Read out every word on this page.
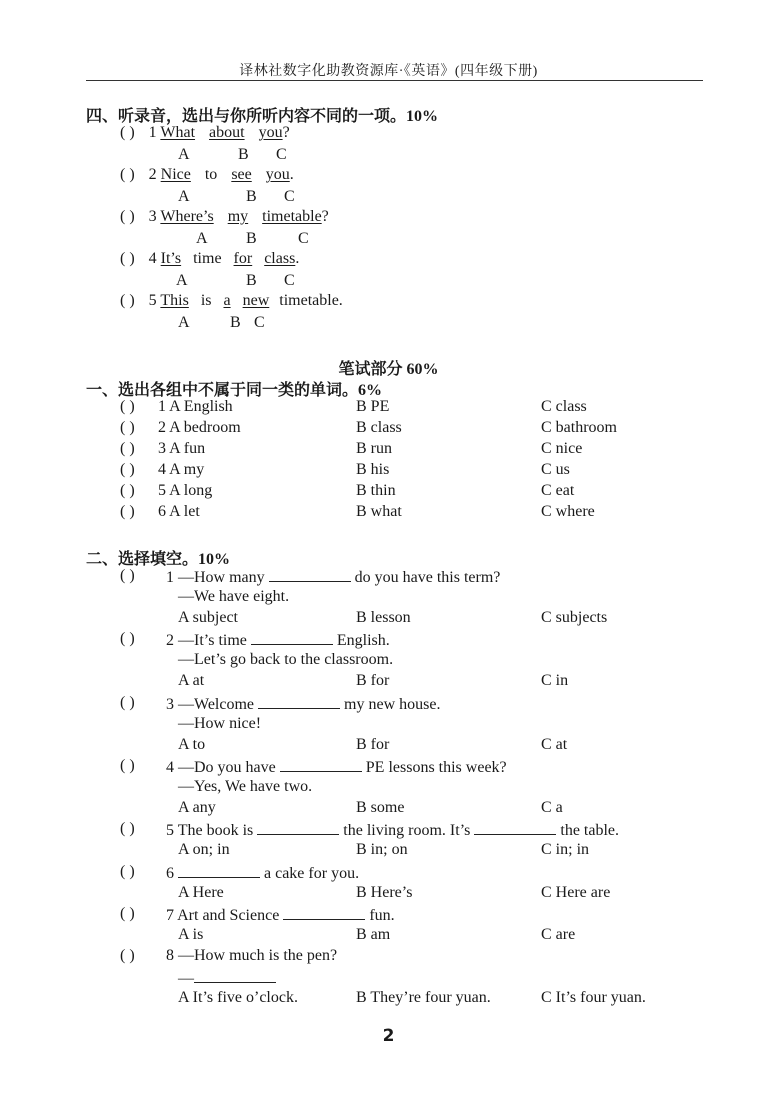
译林社数字化助教资源库·《英语》(四年级下册)
四、听录音，选出与你所听内容不同的一项。10%
( ) 1 What about you?
A	B C
( ) 2 Nice to see you.
A	B C
( ) 3 Where’s my timetable?
A B	C
( ) 4 It’s time for class.
A	B C
( ) 5 This is a new timetable.
A	B C
笔试部分 60%
一、选出各组中不属于同一类的单词。6%
( ) 1 A English	B PE	C class
( ) 2 A bedroom	B class	C bathroom
( ) 3 A fun	B run	C nice
( ) 4 A my	B his	C us
( ) 5 A long	B thin	C eat
( ) 6 A let	B what	C where
二、选择填空。10%
( ) 1 —How many	do you have this term?
—We have eight.
A subject	B lesson	C subjects
( ) 2 —It’s time	English.
—Let’s go back to the classroom.
A at	B for	C in
( ) 3 —Welcome	my new house.
—How nice!
A to	B for	C at
( ) 4 —Do you have	PE lessons this week?
—Yes, We have two.
A any	B some	C a
( ) 5 The book is	the living room. It’s	the table.
A on; in	B in; on	C in; in
( ) 6	a cake for you.
A Here	B Here’s	C Here are
( ) 7 Art and Science	fun.
A is	B am	C are
( ) 8 —How much is the pen?
—
A It’s five o’clock.	B They’re four yuan.	C It’s four yuan.
2
